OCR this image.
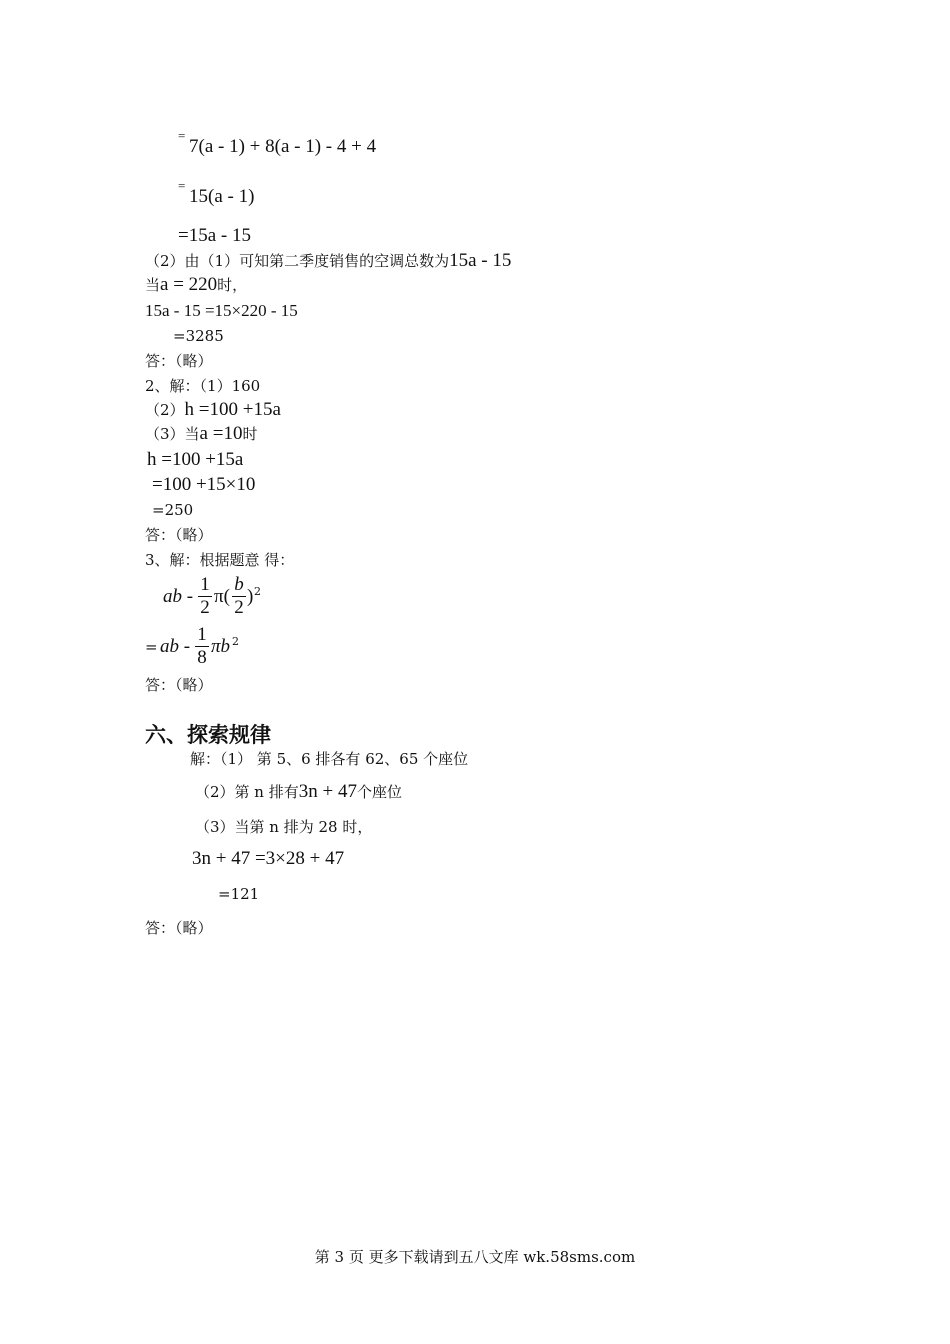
=
7(a - 1) + 8(a - 1) - 4 + 4
=
15(a - 1)
=15a - 15
（2）由（1）可知第二季度销售的空调总数为15a - 15
当a = 220时，
15a - 15 =15×220 - 15
=3285
答：（略）
2、解：（1）160
（2）h =100 +15a
（3）当a =10时
h =100 +15a
=100 +15×10
=250
答：（略）
3、解：根据题意 得：
ab -
1
2
π(
b
2
) 2
= ab -
1
8
πb 2
答：（略）
六、探索规律
解：（1） 第 5、6 排各有 62、65 个座位
（2）第 n 排有3n + 47个座位
（3）当第 n 排为 28 时，
3n + 47 =3×28 + 47
=121
答：（略）
第 3 页 更多下载请到五八文库 wk.58sms.com
